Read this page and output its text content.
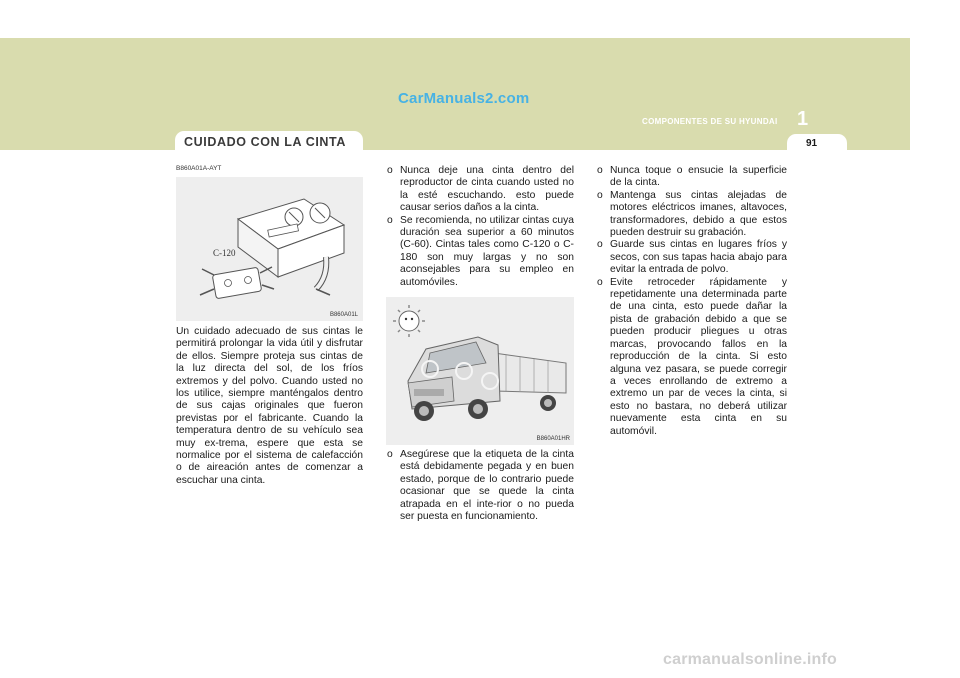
CarManuals2.com
COMPONENTES DE SU HYUNDAI 1
CUIDADO CON LA CINTA	91
B860A01A-AYT
C-120
B860A01L
B860A01HR
Un cuidado adecuado de sus cintas le permitirá prolongar la vida útil y disfrutar de ellos. Siempre proteja sus cintas de la luz directa del sol, de los fríos extremos y del polvo. Cuando usted no los utilice, siempre manténgalos dentro de sus cajas originales que fueron previstas por el fabricante. Cuando la temperatura dentro de su vehículo sea muy ex-trema, espere que esta se normalice por el sistema de calefacción o de aireación antes de comenzar a escuchar una cinta.
o Nunca deje una cinta dentro del reproductor de cinta cuando usted no la esté escuchando. esto puede causar serios daños a la cinta.
o Se recomienda, no utilizar cintas cuya duración sea superior a 60 minutos (C-60). Cintas tales como C-120 o C-180 son muy largas y no son aconsejables para su empleo en automóviles.
o Asegúrese que la etiqueta de la cinta está debidamente pegada y en buen estado, porque de lo contrario puede ocasionar que se quede la cinta atrapada en el inte-rior o no pueda ser puesta en funcionamiento.
o Nunca toque o ensucie la superficie de la cinta.
o Mantenga sus cintas alejadas de motores eléctricos imanes, altavoces, transformadores, debido a que estos pueden destruir su grabación.
o Guarde sus cintas en lugares fríos y secos, con sus tapas hacia abajo para evitar la entrada de polvo.
o Evite retroceder rápidamente y repetidamente una determinada parte de una cinta, esto puede dañar la pista de grabación debido a que se pueden producir pliegues u otras marcas, provocando fallos en la reproducción de la cinta. Si esto alguna vez pasara, se puede corregir a veces enrollando de extremo a extremo un par de veces la cinta, si esto no bastara, no deberá utilizar nuevamente esta cinta en su automóvil.
carmanualsonline.info
